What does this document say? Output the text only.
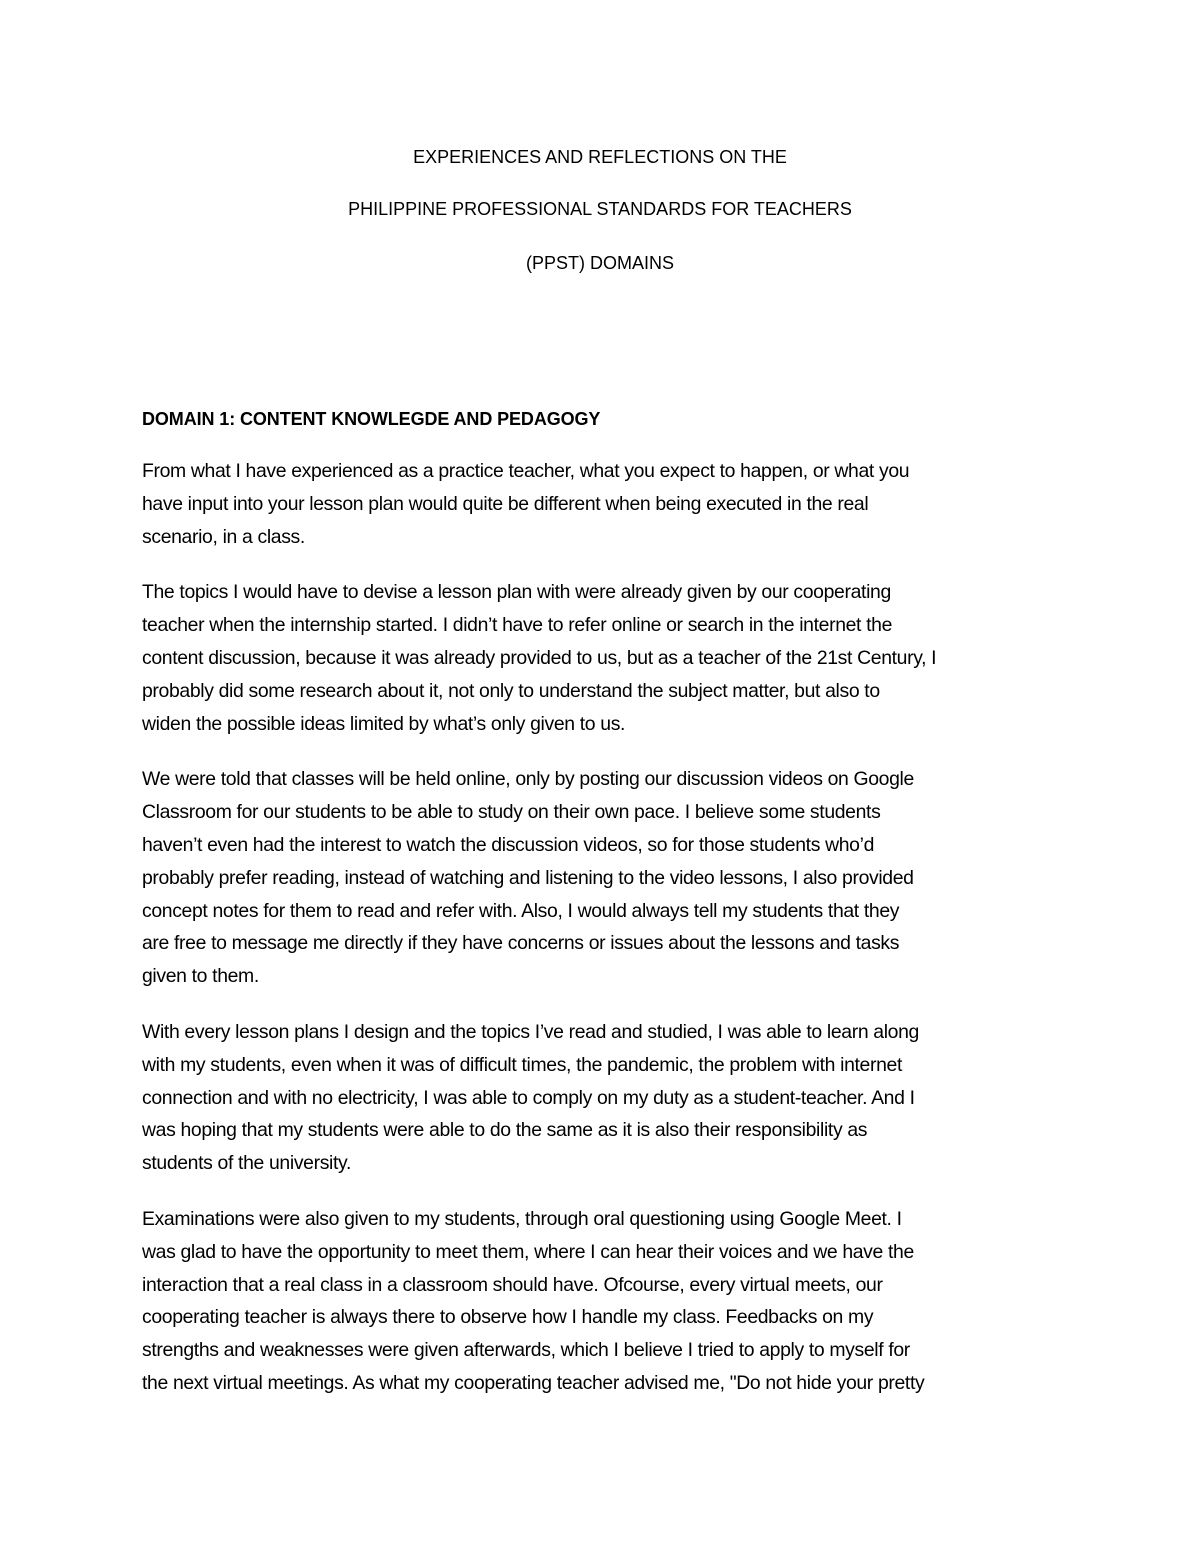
EXPERIENCES AND REFLECTIONS ON THE
PHILIPPINE PROFESSIONAL STANDARDS FOR TEACHERS
(PPST) DOMAINS
DOMAIN 1: CONTENT KNOWLEGDE AND PEDAGOGY
From what I have experienced as a practice teacher, what you expect to happen, or what you
have input into your lesson plan would quite be different when being executed in the real
scenario, in a class.
The topics I would have to devise a lesson plan with were already given by our cooperating
teacher when the internship started. I didn’t have to refer online or search in the internet the
content discussion, because it was already provided to us, but as a teacher of the 21st Century, I
probably did some research about it, not only to understand the subject matter, but also to
widen the possible ideas limited by what’s only given to us.
We were told that classes will be held online, only by posting our discussion videos on Google
Classroom for our students to be able to study on their own pace. I believe some students
haven’t even had the interest to watch the discussion videos, so for those students who’d
probably prefer reading, instead of watching and listening to the video lessons, I also provided
concept notes for them to read and refer with. Also, I would always tell my students that they
are free to message me directly if they have concerns or issues about the lessons and tasks
given to them.
With every lesson plans I design and the topics I’ve read and studied, I was able to learn along
with my students, even when it was of difficult times, the pandemic, the problem with internet
connection and with no electricity, I was able to comply on my duty as a student-teacher. And I
was hoping that my students were able to do the same as it is also their responsibility as
students of the university.
Examinations were also given to my students, through oral questioning using Google Meet. I
was glad to have the opportunity to meet them, where I can hear their voices and we have the
interaction that a real class in a classroom should have. Ofcourse, every virtual meets, our
cooperating teacher is always there to observe how I handle my class. Feedbacks on my
strengths and weaknesses were given afterwards, which I believe I tried to apply to myself for
the next virtual meetings. As what my cooperating teacher advised me, "Do not hide your pretty
